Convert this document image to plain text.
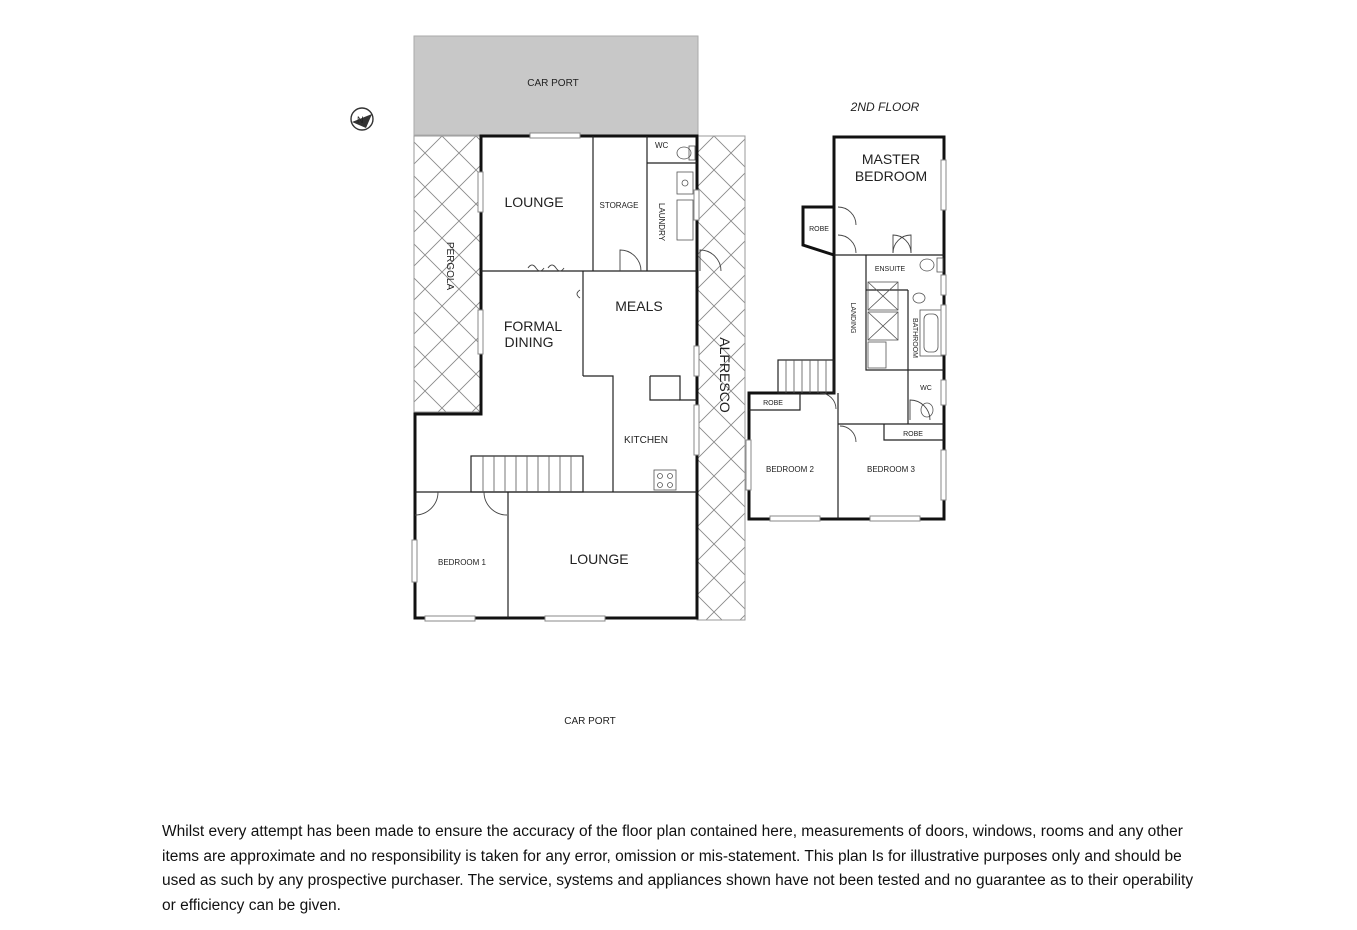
N
CAR PORT
LOUNGE	STORAGE
WC
LAUNDRY
PERGOLA
MEALS
FORMAL
DINING	ALFRESCO
KITCHEN
BEDROOM 1	LOUNGE
CAR PORT
2ND FLOOR
MASTER
BEDROOM
ROBE
ENSUITE
LANDING
BATHROOM
WC
ROBE
ROBE
BEDROOM 2	BEDROOM 3

Whilst every attempt has been made to ensure the accuracy of the floor plan contained here, measurements of doors, windows, rooms and any other items are approximate and no responsibility is taken for any error, omission or mis-statement. This plan Is for illustrative purposes only and should be used as such by any prospective purchaser. The service, systems and appliances shown have not been tested and no guarantee as to their operability or efficiency can be given.
